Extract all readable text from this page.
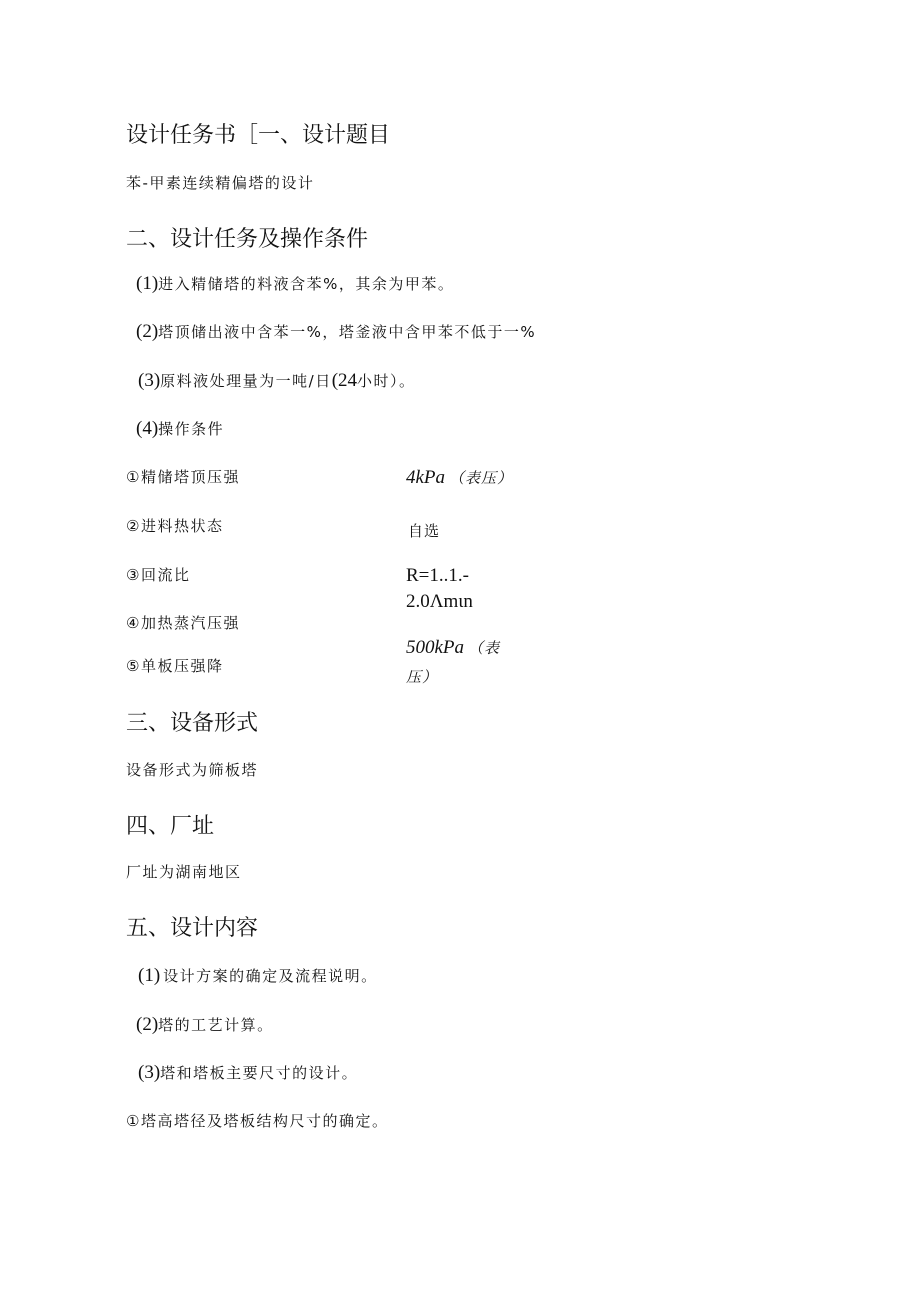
设计任务书［一、设计题目
苯-甲素连续精偏塔的设计
二、设计任务及操作条件
(1)进入精储塔的料液含苯%，其余为甲苯。
(2)塔顶储出液中含苯一%，塔釜液中含甲苯不低于一%
(3)原料液处理量为一吨/日(24小时）。
(4)操作条件
①精储塔顶压强
②进料热状态
③回流比
④加热蒸汽压强
⑤单板压强降
4kPa （表压）
自选
R=1..1.-
2.0Λmιn
500kPa （表
压）
三、设备形式
设备形式为筛板塔
四、厂址
厂址为湖南地区
五、设计内容
(1) 设计方案的确定及流程说明。
(2)塔的工艺计算。
(3)塔和塔板主要尺寸的设计。
①塔高塔径及塔板结构尺寸的确定。
